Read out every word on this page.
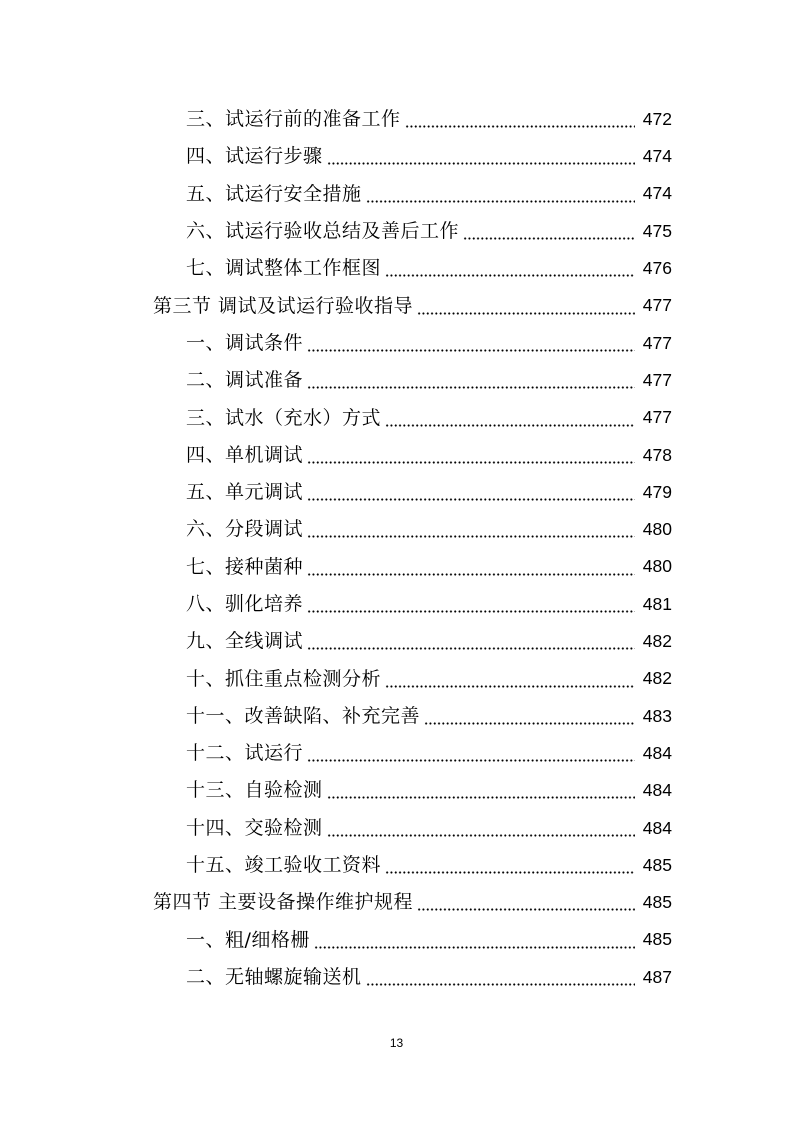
三、试运行前的准备工作	472
四、试运行步骤	474
五、试运行安全措施	474
六、试运行验收总结及善后工作	475
七、调试整体工作框图	476
第三节 调试及试运行验收指导	477
一、调试条件	477
二、调试准备	477
三、试水（充水）方式	477
四、单机调试	478
五、单元调试	479
六、分段调试	480
七、接种菌种	480
八、驯化培养	481
九、全线调试	482
十、抓住重点检测分析	482
十一、改善缺陷、补充完善	483
十二、试运行	484
十三、自验检测	484
十四、交验检测	484
十五、竣工验收工资料	485
第四节 主要设备操作维护规程	485
一、粗/细格栅	485
二、无轴螺旋输送机	487
13
